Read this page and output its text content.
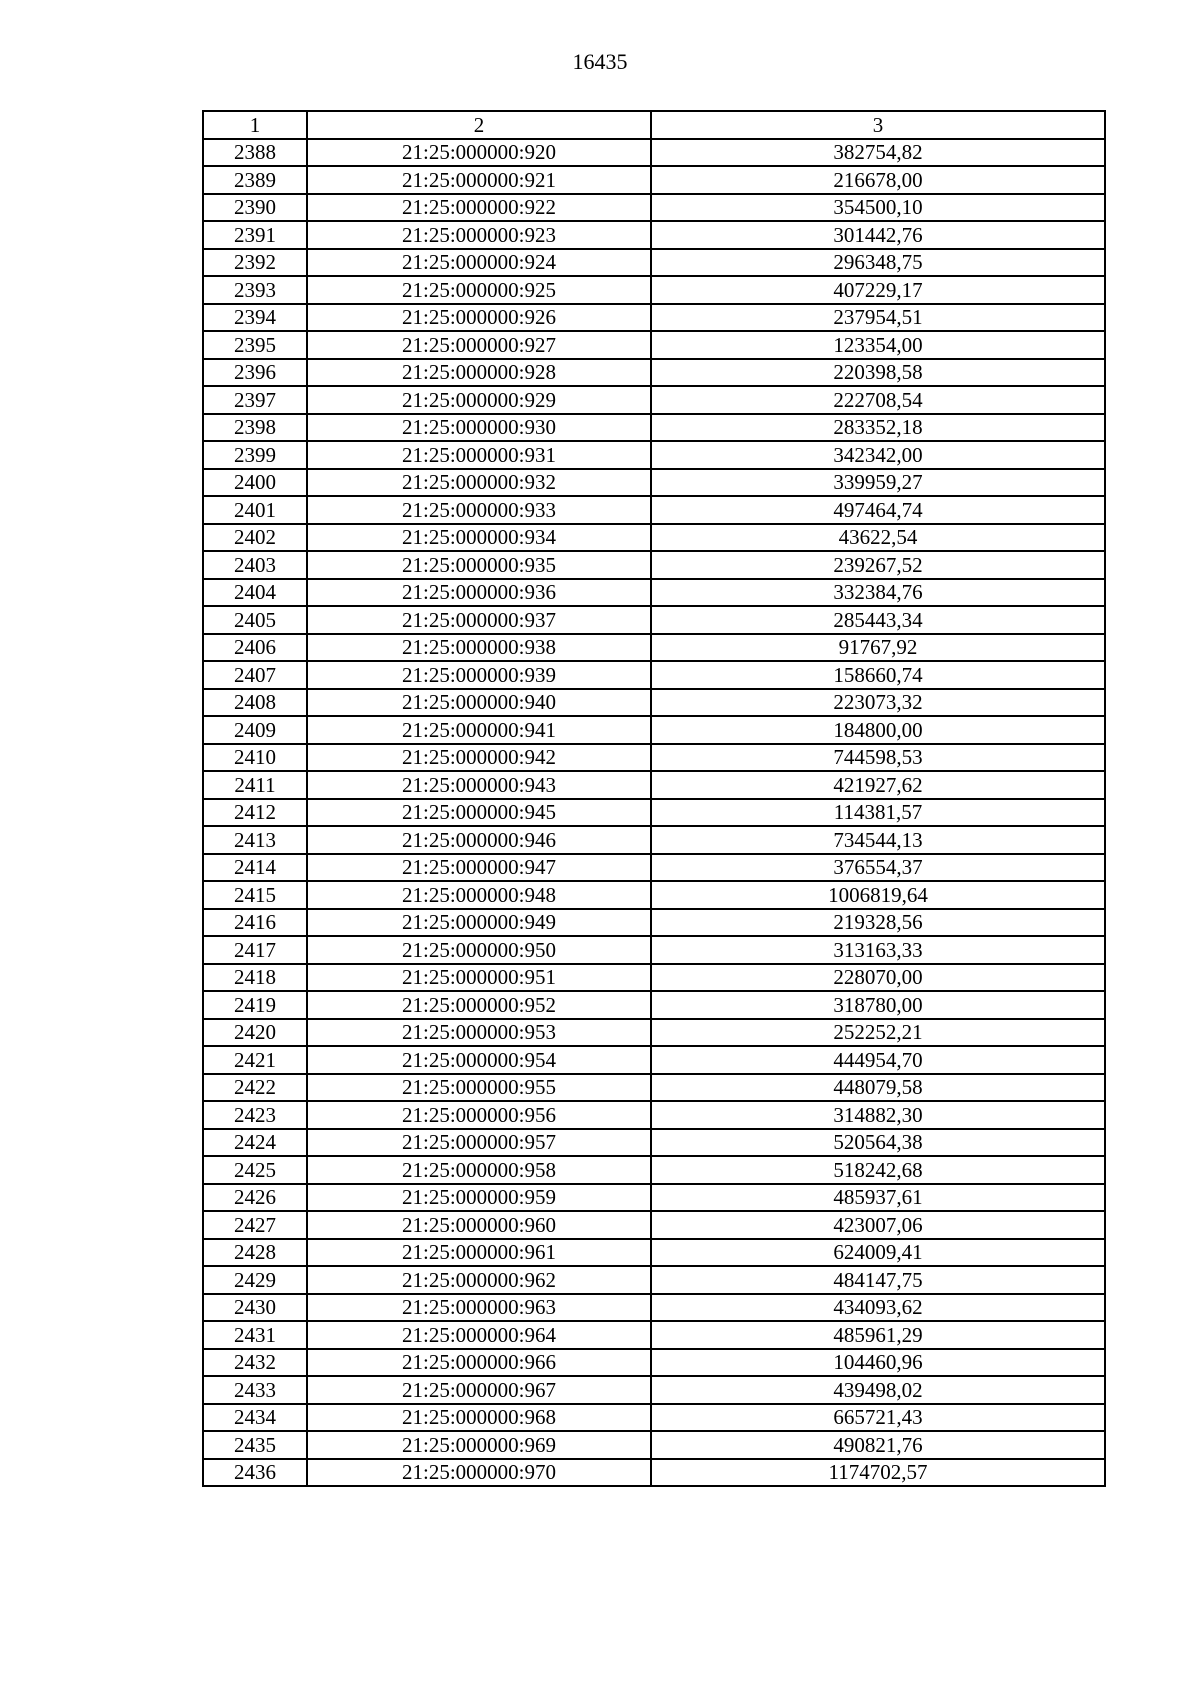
16435
1	2	3
2388	21:25:000000:920	382754,82
2389	21:25:000000:921	216678,00
2390	21:25:000000:922	354500,10
2391	21:25:000000:923	301442,76
2392	21:25:000000:924	296348,75
2393	21:25:000000:925	407229,17
2394	21:25:000000:926	237954,51
2395	21:25:000000:927	123354,00
2396	21:25:000000:928	220398,58
2397	21:25:000000:929	222708,54
2398	21:25:000000:930	283352,18
2399	21:25:000000:931	342342,00
2400	21:25:000000:932	339959,27
2401	21:25:000000:933	497464,74
2402	21:25:000000:934	43622,54
2403	21:25:000000:935	239267,52
2404	21:25:000000:936	332384,76
2405	21:25:000000:937	285443,34
2406	21:25:000000:938	91767,92
2407	21:25:000000:939	158660,74
2408	21:25:000000:940	223073,32
2409	21:25:000000:941	184800,00
2410	21:25:000000:942	744598,53
2411	21:25:000000:943	421927,62
2412	21:25:000000:945	114381,57
2413	21:25:000000:946	734544,13
2414	21:25:000000:947	376554,37
2415	21:25:000000:948	1006819,64
2416	21:25:000000:949	219328,56
2417	21:25:000000:950	313163,33
2418	21:25:000000:951	228070,00
2419	21:25:000000:952	318780,00
2420	21:25:000000:953	252252,21
2421	21:25:000000:954	444954,70
2422	21:25:000000:955	448079,58
2423	21:25:000000:956	314882,30
2424	21:25:000000:957	520564,38
2425	21:25:000000:958	518242,68
2426	21:25:000000:959	485937,61
2427	21:25:000000:960	423007,06
2428	21:25:000000:961	624009,41
2429	21:25:000000:962	484147,75
2430	21:25:000000:963	434093,62
2431	21:25:000000:964	485961,29
2432	21:25:000000:966	104460,96
2433	21:25:000000:967	439498,02
2434	21:25:000000:968	665721,43
2435	21:25:000000:969	490821,76
2436	21:25:000000:970	1174702,57
